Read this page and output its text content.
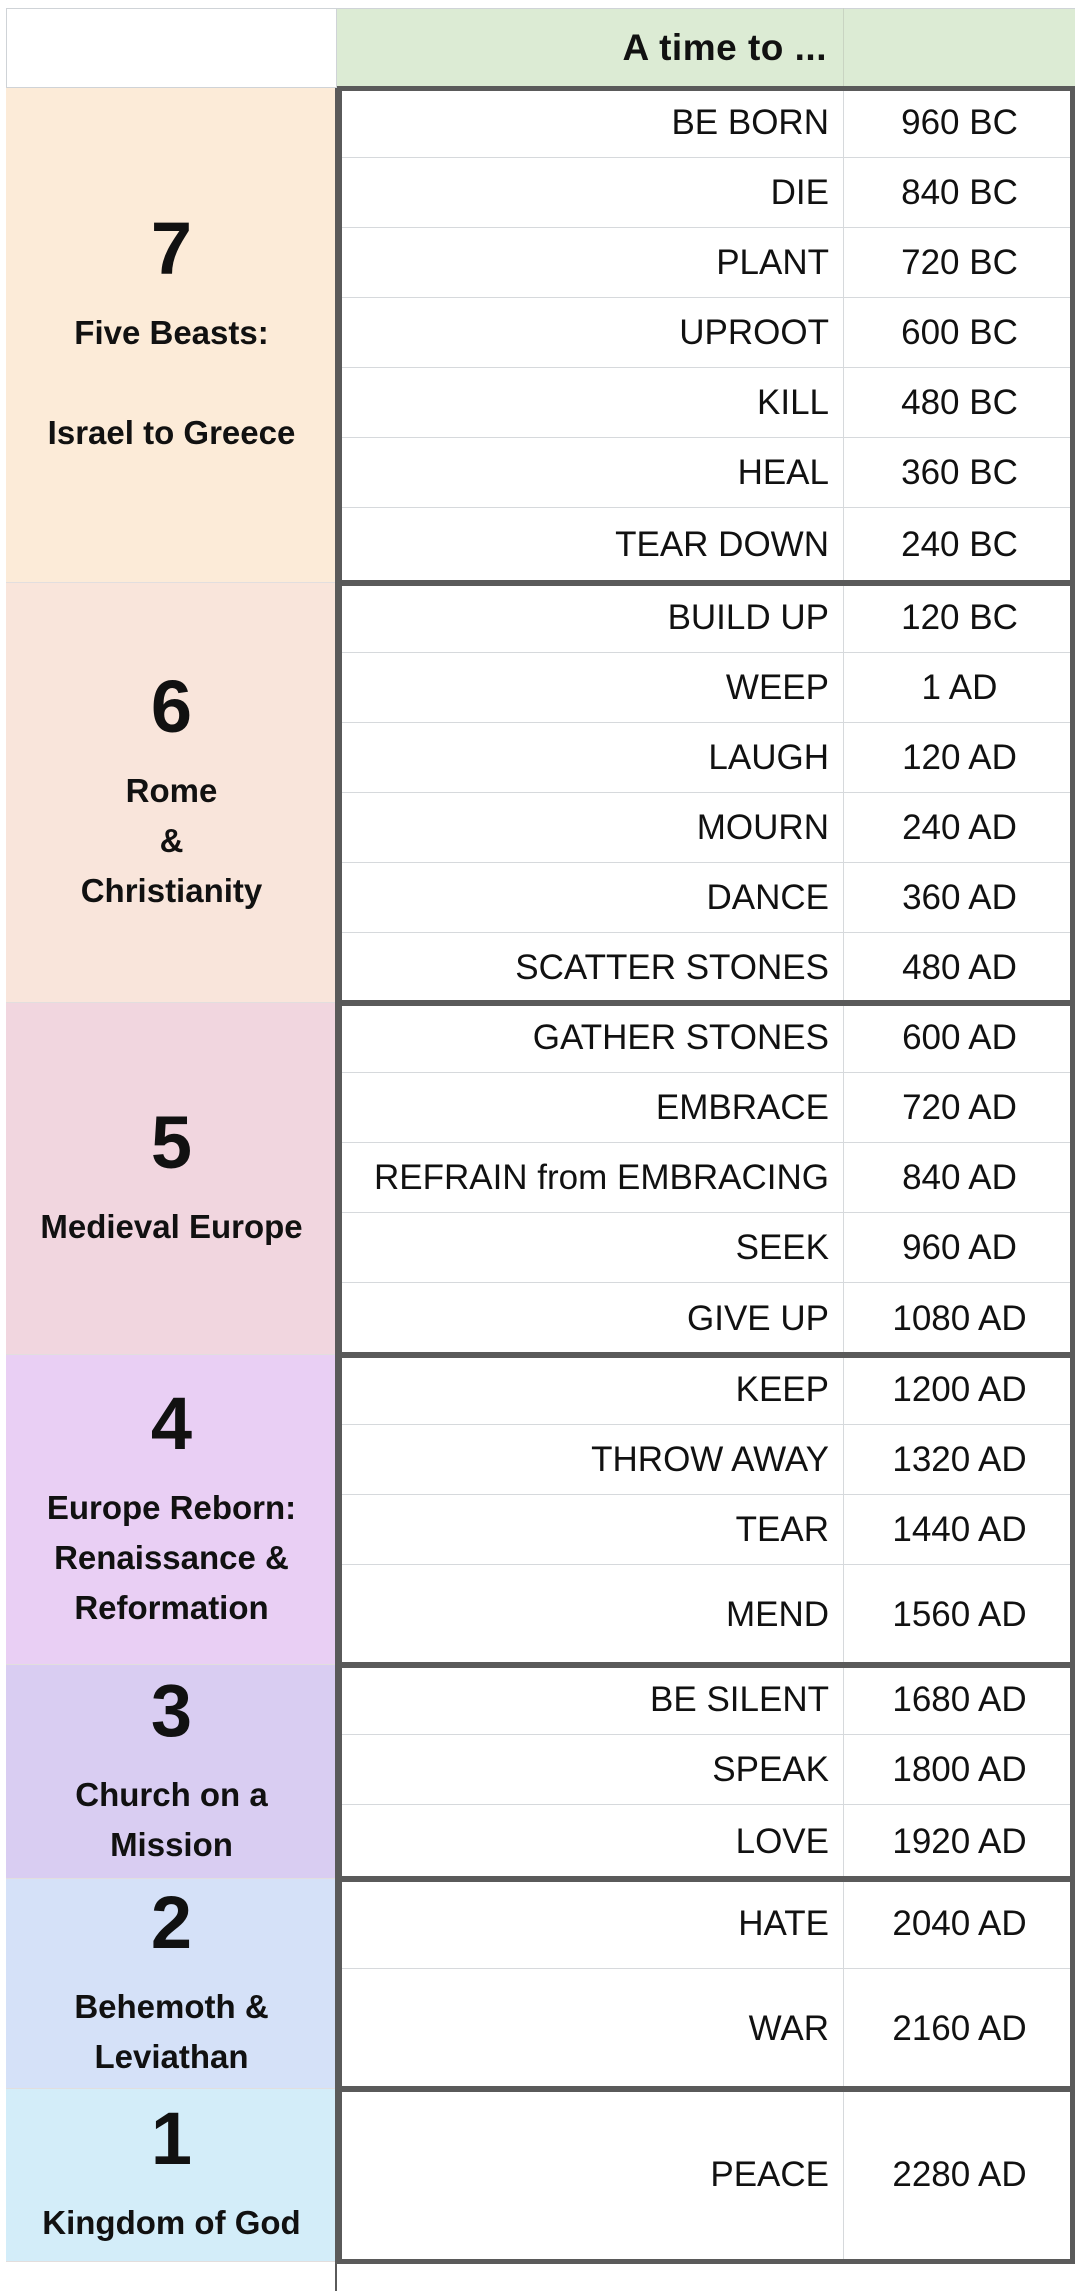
A time to ...
7
Five Beasts:

Israel to Greece
BE BORN	960 BC
DIE	840 BC
PLANT	720 BC
UPROOT	600 BC
KILL	480 BC
HEAL	360 BC
TEAR DOWN	240 BC
6
Rome
&
Christianity
BUILD UP	120 BC
WEEP	1 AD
LAUGH	120 AD
MOURN	240 AD
DANCE	360 AD
SCATTER STONES	480 AD
5
Medieval Europe
GATHER STONES	600 AD
EMBRACE	720 AD
REFRAIN from EMBRACING	840 AD
SEEK	960 AD
GIVE UP	1080 AD
4
Europe Reborn:
Renaissance &
Reformation
KEEP	1200 AD
THROW AWAY	1320 AD
TEAR	1440 AD
MEND	1560 AD
3
Church on a
Mission
BE SILENT	1680 AD
SPEAK	1800 AD
LOVE	1920 AD
2
Behemoth &
Leviathan
HATE	2040 AD
WAR	2160 AD
1
Kingdom of God
PEACE	2280 AD
